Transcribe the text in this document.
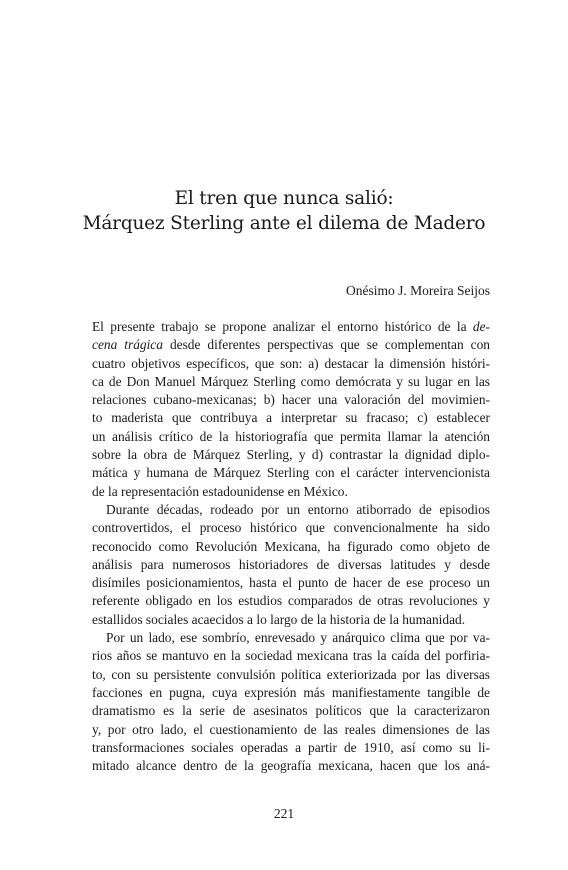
El tren que nunca salió:
Márquez Sterling ante el dilema de Madero
Onésimo J. Moreira Seijos

El presente trabajo se propone analizar el entorno histórico de la de-
cena trágica desde diferentes perspectivas que se complementan con
cuatro objetivos específicos, que son: a) destacar la dimensión históri-
ca de Don Manuel Márquez Sterling como demócrata y su lugar en las
relaciones cubano-mexicanas; b) hacer una valoración del movimien-
to maderista que contribuya a interpretar su fracaso; c) establecer
un análisis crítico de la historiografía que permita llamar la atención
sobre la obra de Márquez Sterling, y d) contrastar la dignidad diplo-
mática y humana de Márquez Sterling con el carácter intervencionista
de la representación estadounidense en México.

Durante décadas, rodeado por un entorno atiborrado de episodios
controvertidos, el proceso histórico que convencionalmente ha sido
reconocido como Revolución Mexicana, ha figurado como objeto de
análisis para numerosos historiadores de diversas latitudes y desde
disímiles posicionamientos, hasta el punto de hacer de ese proceso un
referente obligado en los estudios comparados de otras revoluciones y
estallidos sociales acaecidos a lo largo de la historia de la humanidad.

Por un lado, ese sombrío, enrevesado y anárquico clima que por va-
rios años se mantuvo en la sociedad mexicana tras la caída del porfiria-
to, con su persistente convulsión política exteriorizada por las diversas
facciones en pugna, cuya expresión más manifiestamente tangible de
dramatismo es la serie de asesinatos políticos que la caracterizaron
y, por otro lado, el cuestionamiento de las reales dimensiones de las
transformaciones sociales operadas a partir de 1910, así como su li-
mitado alcance dentro de la geografía mexicana, hacen que los aná-

221
